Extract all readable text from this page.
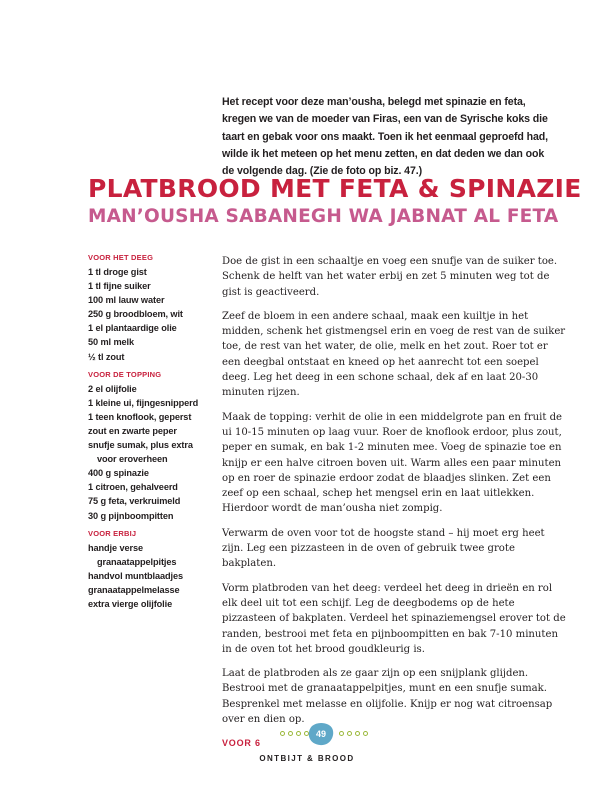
Het recept voor deze man’ousha, belegd met spinazie en feta, kregen we van de moeder van Firas, een van de Syrische koks die taart en gebak voor ons maakt. Toen ik het eenmaal geproefd had, wilde ik het meteen op het menu zetten, en dat deden we dan ook de volgende dag. (Zie de foto op biz. 47.)
PLATBROOD MET FETA & SPINAZIE
MAN’OUSHA SABANEGH WA JABNAT AL FETA
VOOR HET DEEG
1 tl droge gist
1 tl fijne suiker
100 ml lauw water
250 g broodbloem, wit
1 el plantaardige olie
50 ml melk
½ tl zout
VOOR DE TOPPING
2 el olijfolie
1 kleine ui, fijngesnipperd
1 teen knoflook, geperst
zout en zwarte peper
snufje sumak, plus extra
voor eroverheen
400 g spinazie
1 citroen, gehalveerd
75 g feta, verkruimeld
30 g pijnboompitten
VOOR ERBIJ
handje verse
granaatappelpitjes
handvol muntblaadjes
granaatappelmelasse
extra vierge olijfolie

Doe de gist in een schaaltje en voeg een snufje van de suiker toe. Schenk de helft van het water erbij en zet 5 minuten weg tot de gist is geactiveerd.

Zeef de bloem in een andere schaal, maak een kuiltje in het midden, schenk het gistmengsel erin en voeg de rest van de suiker toe, de rest van het water, de olie, melk en het zout. Roer tot er een deegbal ontstaat en kneed op het aanrecht tot een soepel deeg. Leg het deeg in een schone schaal, dek af en laat 20-30 minuten rijzen.

Maak de topping: verhit de olie in een middelgrote pan en fruit de ui 10-15 minuten op laag vuur. Roer de knoflook erdoor, plus zout, peper en sumak, en bak 1-2 minuten mee. Voeg de spinazie toe en knijp er een halve citroen boven uit. Warm alles een paar minuten op en roer de spinazie erdoor zodat de blaadjes slinken. Zet een zeef op een schaal, schep het mengsel erin en laat uitlekken. Hierdoor wordt de man’ousha niet zompig.

Verwarm de oven voor tot de hoogste stand – hij moet erg heet zijn. Leg een pizzasteen in de oven of gebruik twee grote bakplaten.

Vorm platbroden van het deeg: verdeel het deeg in drieën en rol elk deel uit tot een schijf. Leg de deegbodems op de hete pizzasteen of bakplaten. Verdeel het spinaziemengsel erover tot de randen, bestrooi met feta en pijnboompitten en bak 7-10 minuten in de oven tot het brood goudkleurig is.

Laat de platbroden als ze gaar zijn op een snijplank glijden. Bestrooi met de granaatappelpitjes, munt en een snufje sumak. Besprenkel met melasse en olijfolie. Knijp er nog wat citroensap over en dien op.

VOOR 6
49
ONTBIJT & BROOD
